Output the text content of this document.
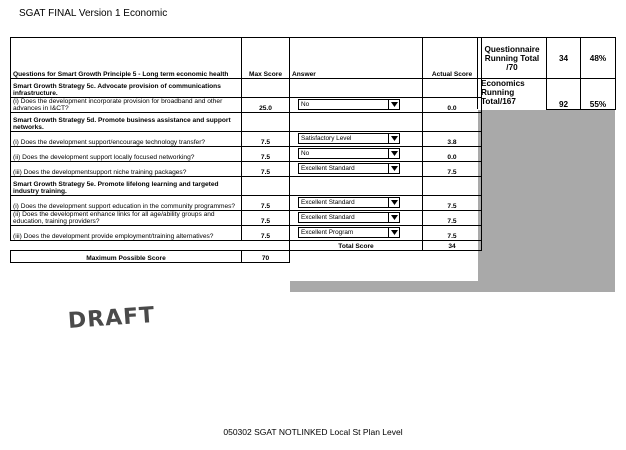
SGAT FINAL Version 1 Economic
Questions for Smart Growth Principle 5 - Long term economic health	Max Score	Answer	Actual Score
Smart Growth Strategy 5c. Advocate provision of communications infrastructure.			
(i) Does the development incorporate provision for broadband and other advances in I&CT?	25.0	No	0.0
Smart Growth Strategy 5d. Promote business assistance and support networks.			
(i) Does the development support/encourage technology transfer?	7.5	Satisfactory Level	3.8
(ii) Does the development support locally focused networking?	7.5	No	0.0
(iii) Does the developmentsupport niche training packages?	7.5	Excellent Standard	7.5
Smart Growth Strategy 5e. Promote lifelong learning and targeted industry training.			
(i) Does the development support education in the community programmes?	7.5	Excellent Standard	7.5
(ii) Does the development enhance links for all age/ability groups and education, training providers?	7.5	Excellent Standard	7.5
(iii) Does the development provide employment/training alternatives?	7.5	Excellent Program	7.5
		Total Score	34
Maximum Possible Score	70		
Questionnaire Running Total /70	34	48%

Economics Running
Total/167	92	55%
DRAFT
050302 SGAT NOTLINKED Local St Plan Level
